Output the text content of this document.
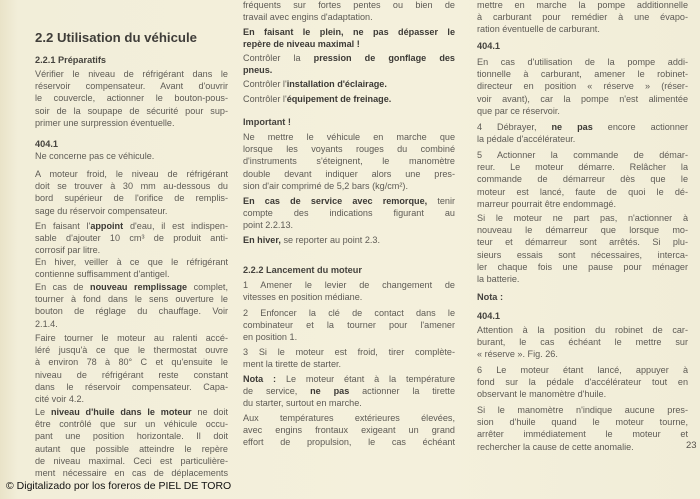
2.2 Utilisation du véhicule
2.2.1 Préparatifs
Vérifier le niveau de réfrigérant dans le
réservoir compensateur. Avant d'ouvrir
le couvercle, actionner le bouton-pous-
soir de la soupape de sécurité pour sup-
primer une surpression éventuelle.
404.1
Ne concerne pas ce véhicule.
A moteur froid, le niveau de réfrigérant
doit se trouver à 30 mm au-dessous du
bord supérieur de l'orifice de remplis-
sage du réservoir compensateur.
En faisant l'appoint d'eau, il est indispen-
sable d'ajouter 10 cm³ de produit anti-
corrosif par litre.
En hiver, veiller à ce que le réfrigérant
contienne suffisamment d'antigel.
En cas de nouveau remplissage complet,
tourner à fond dans le sens ouverture le
bouton de réglage du chauffage. Voir
2.1.4.
Faire tourner le moteur au ralenti accé-
léré jusqu'à ce que le thermostat ouvre
à environ 78 à 80° C et qu'ensuite le
niveau de réfrigérant reste constant
dans le réservoir compensateur. Capa-
cité voir 4.2.
Le niveau d'huile dans le moteur ne doit
être contrôlé que sur un véhicule occu-
pant une position horizontale. Il doit
autant que possible atteindre le repère
de niveau maximal. Ceci est particulière-
ment nécessaire en cas de déplacements
fréquents sur fortes pentes ou bien de
travail avec engins d'adaptation.
En faisant le plein, ne pas dépasser le
repère de niveau maximal !
Contrôler la pression de gonflage des
pneus.
Contrôler l'installation d'éclairage.
Contrôler l'équipement de freinage.
Important !
Ne mettre le véhicule en marche que
lorsque les voyants rouges du combiné
d'instruments s'éteignent, le manomètre
double devant indiquer alors une pres-
sion d'air comprimé de 5,2 bars (kg/cm²).
En cas de service avec remorque, tenir
compte des indications figurant au
point 2.2.13.
En hiver, se reporter au point 2.3.
2.2.2 Lancement du moteur
1 Amener le levier de changement de
vitesses en position médiane.
2 Enfoncer la clé de contact dans le
combinateur et la tourner pour l'amener
en position 1.
3 Si le moteur est froid, tirer complète-
ment la tirette de starter.
Nota : Le moteur étant à la température
de service, ne pas actionner la tirette
du starter, surtout en marche.
Aux températures extérieures élevées,
avec engins frontaux exigeant un grand
effort de propulsion, le cas échéant
mettre en marche la pompe additionnelle
à carburant pour remédier à une évapo-
ration éventuelle de carburant.
404.1
En cas d'utilisation de la pompe addi-
tionnelle à carburant, amener le robinet-
directeur en position « réserve » (réser-
voir avant), car la pompe n'est alimentée
que par ce réservoir.
4 Débrayer, ne pas encore actionner
la pédale d'accélérateur.
5 Actionner la commande de démar-
reur. Le moteur démarre. Relâcher la
commande de démarreur dès que le
moteur est lancé, faute de quoi le dé-
marreur pourrait être endommagé.
Si le moteur ne part pas, n'actionner à
nouveau le démarreur que lorsque mo-
teur et démarreur sont arrêtés. Si plu-
sieurs essais sont nécessaires, interca-
ler chaque fois une pause pour ménager
la batterie.
Nota :
404.1
Attention à la position du robinet de car-
burant, le cas échéant le mettre sur
« réserve ». Fig. 26.
6 Le moteur étant lancé, appuyer à
fond sur la pédale d'accélérateur tout en
observant le manomètre d'huile.
Si le manomètre n'indique aucune pres-
sion d'huile quand le moteur tourne,
arrêter immédiatement le moteur et
rechercher la cause de cette anomalie.	23
© Digitalizado por los foreros de PIEL DE TORO
